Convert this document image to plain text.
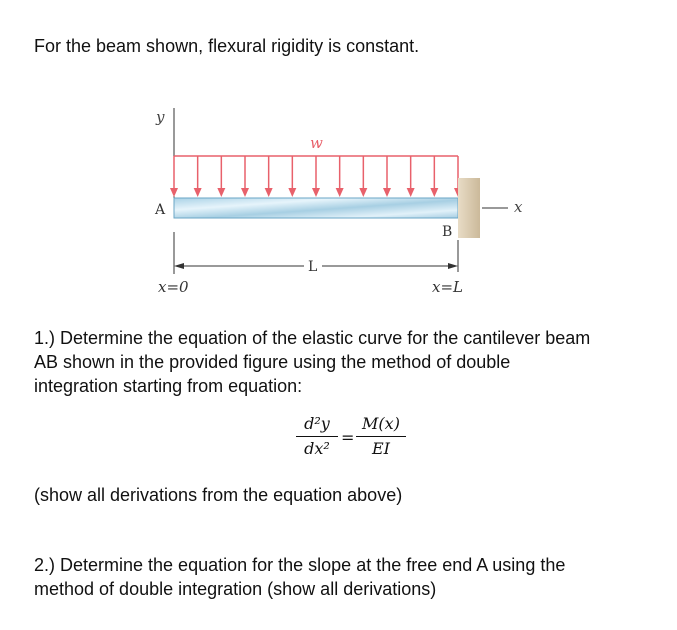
For the beam shown, flexural rigidity is constant.
y
w
x
A
B
L
x=0	x=L
1.) Determine the equation of the elastic curve for the cantilever beam
AB shown in the provided figure using the method of double
integration starting from equation:
d²y
dx²
=
M(x)
EI
(show all derivations from the equation above)
2.) Determine the equation for the slope at the free end A using the
method of double integration (show all derivations)
